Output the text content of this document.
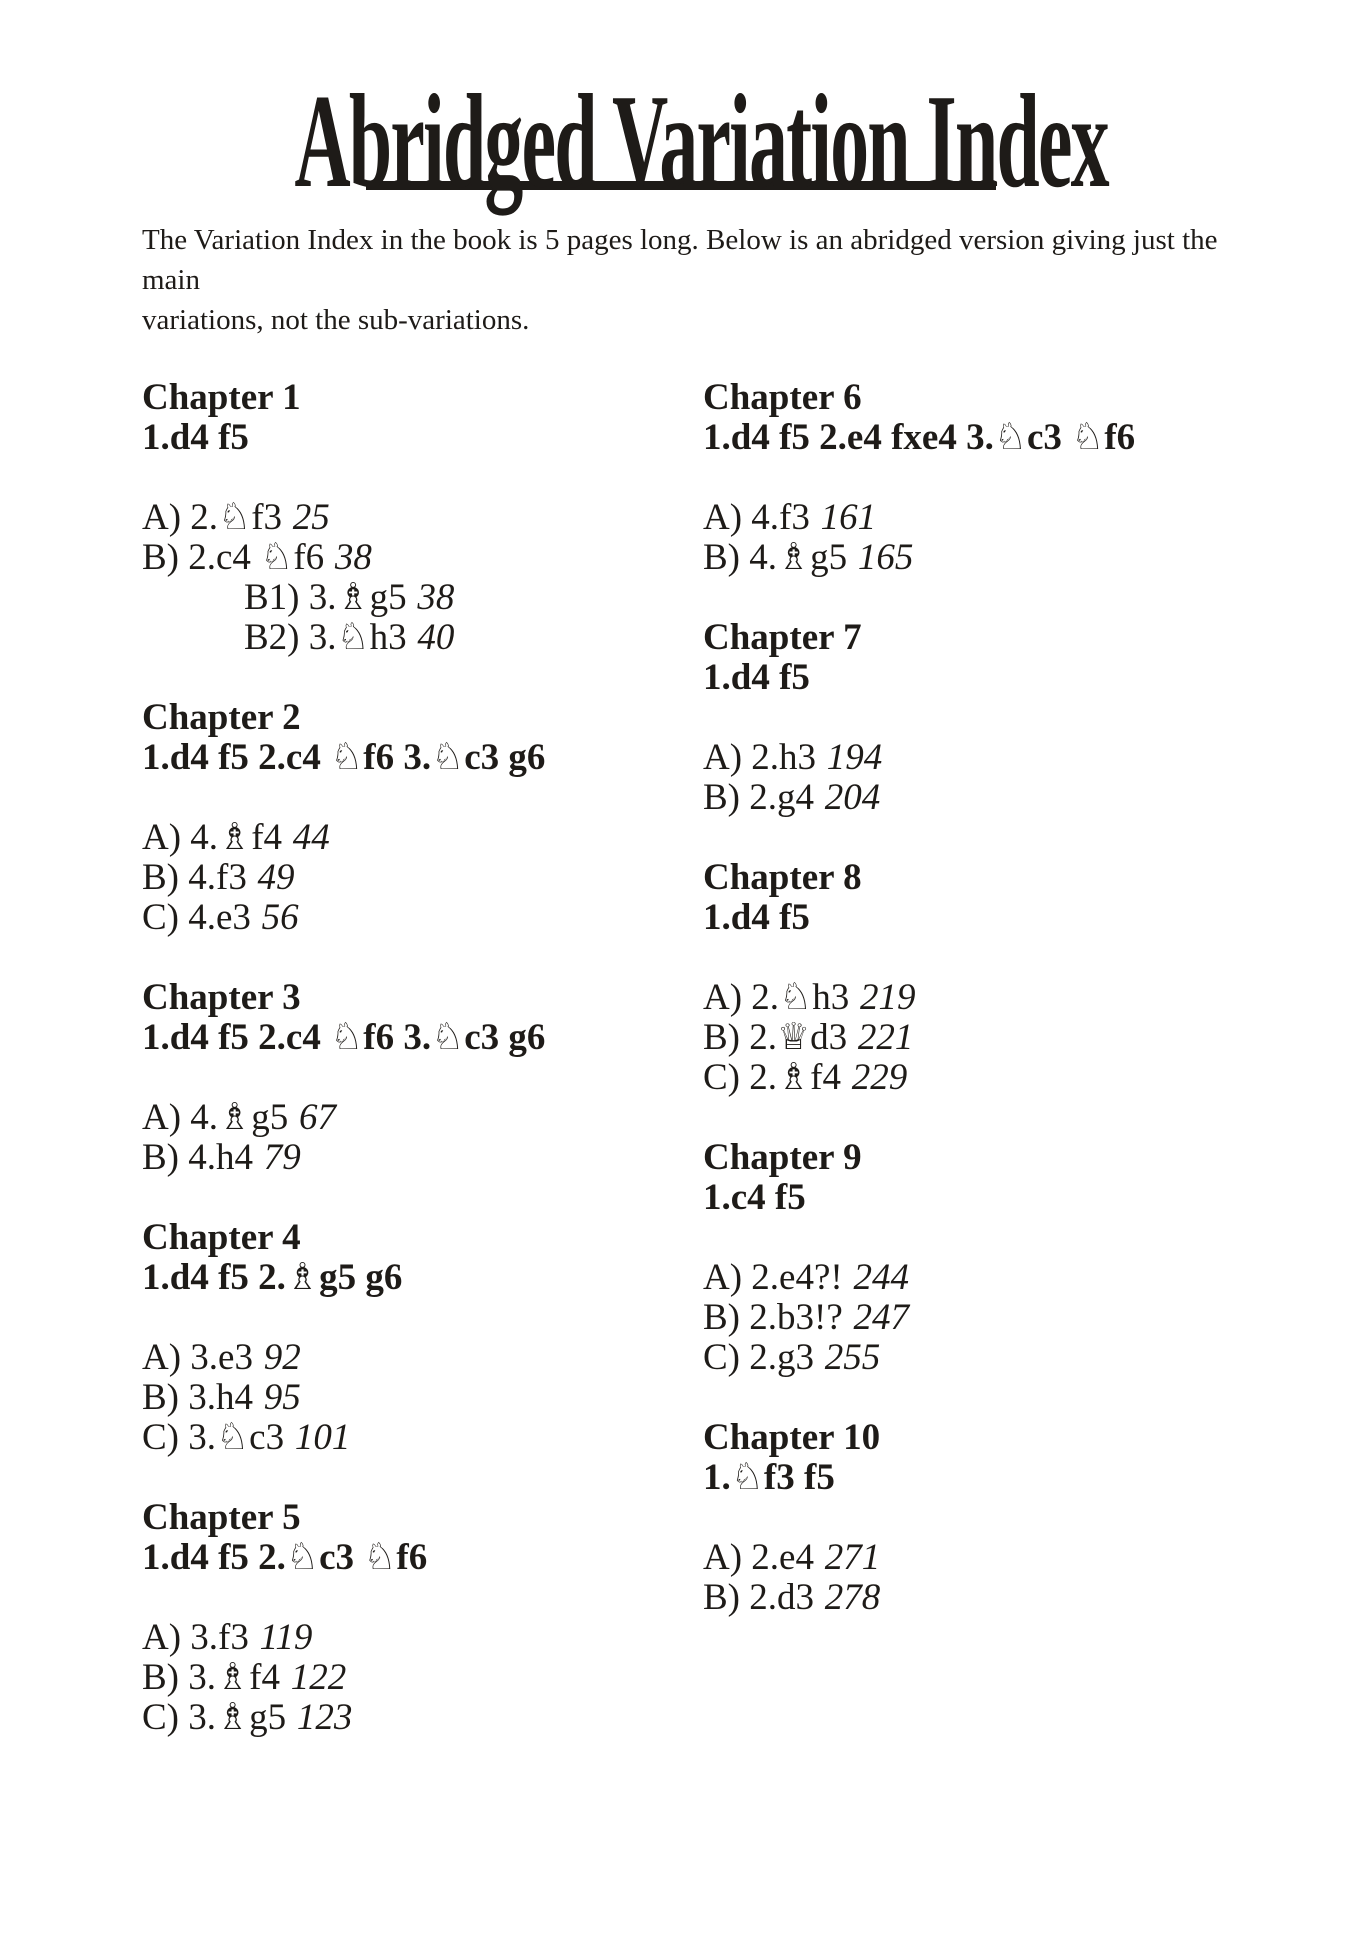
Abridged Variation Index
The Variation Index in the book is 5 pages long. Below is an abridged version giving just the main
variations, not the sub-variations.
Chapter 1
1.d4 f5
A) 2.♘f3 25
B) 2.c4 ♘f6 38
B1) 3.♗g5 38
B2) 3.♘h3 40
Chapter 2
1.d4 f5 2.c4 ♘f6 3.♘c3 g6
A) 4.♗f4 44
B) 4.f3 49
C) 4.e3 56
Chapter 3
1.d4 f5 2.c4 ♘f6 3.♘c3 g6
A) 4.♗g5 67
B) 4.h4 79
Chapter 4
1.d4 f5 2.♗g5 g6
A) 3.e3 92
B) 3.h4 95
C) 3.♘c3 101
Chapter 5
1.d4 f5 2.♘c3 ♘f6
A) 3.f3 119
B) 3.♗f4 122
C) 3.♗g5 123
Chapter 6
1.d4 f5 2.e4 fxe4 3.♘c3 ♘f6
A) 4.f3 161
B) 4.♗g5 165
Chapter 7
1.d4 f5
A) 2.h3 194
B) 2.g4 204
Chapter 8
1.d4 f5
A) 2.♘h3 219
B) 2.♕d3 221
C) 2.♗f4 229
Chapter 9
1.c4 f5
A) 2.e4?! 244
B) 2.b3!? 247
C) 2.g3 255
Chapter 10
1.♘f3 f5
A) 2.e4 271
B) 2.d3 278
